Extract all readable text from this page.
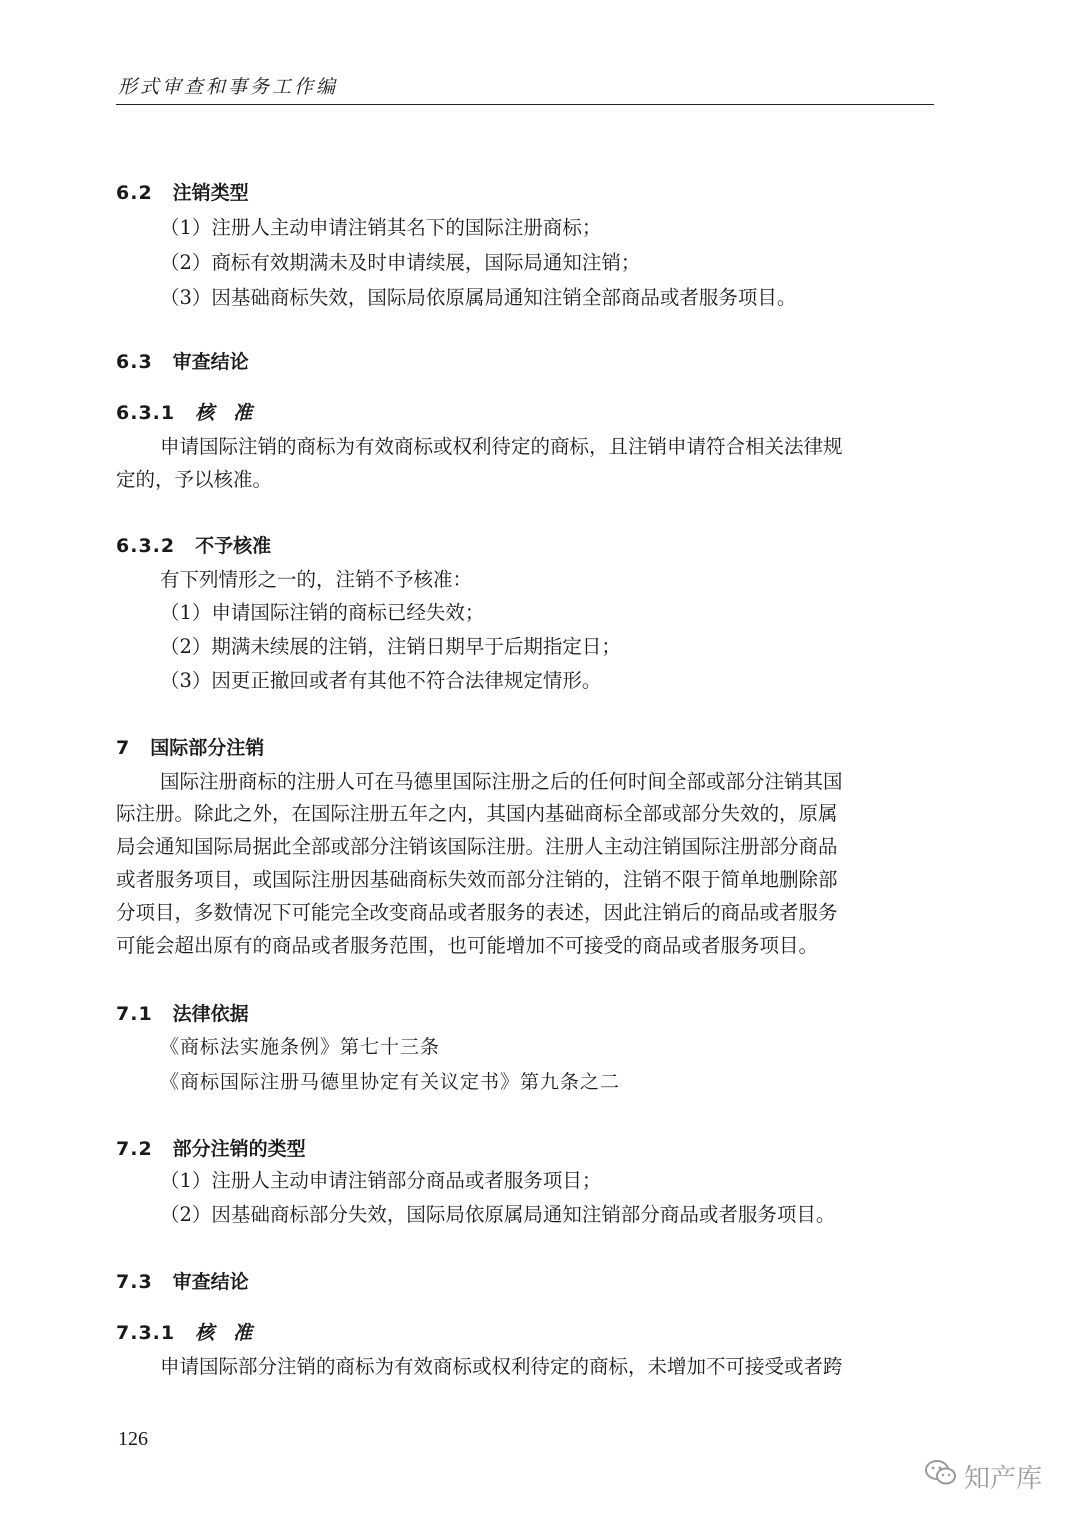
形式审查和事务工作编
6.2 注销类型
（1）注册人主动申请注销其名下的国际注册商标；
（2）商标有效期满未及时申请续展，国际局通知注销；
（3）因基础商标失效，国际局依原属局通知注销全部商品或者服务项目。
6.3 审查结论
6.3.1 核　准
申请国际注销的商标为有效商标或权利待定的商标，且注销申请符合相关法律规
定的，予以核准。
6.3.2 不予核准
有下列情形之一的，注销不予核准：
（1）申请国际注销的商标已经失效；
（2）期满未续展的注销，注销日期早于后期指定日；
（3）因更正撤回或者有其他不符合法律规定情形。
7 国际部分注销
国际注册商标的注册人可在马德里国际注册之后的任何时间全部或部分注销其国
际注册。除此之外，在国际注册五年之内，其国内基础商标全部或部分失效的，原属
局会通知国际局据此全部或部分注销该国际注册。注册人主动注销国际注册部分商品
或者服务项目，或国际注册因基础商标失效而部分注销的，注销不限于简单地删除部
分项目，多数情况下可能完全改变商品或者服务的表述，因此注销后的商品或者服务
可能会超出原有的商品或者服务范围，也可能增加不可接受的商品或者服务项目。
7.1 法律依据
《商标法实施条例》第七十三条
《商标国际注册马德里协定有关议定书》第九条之二
7.2 部分注销的类型
（1）注册人主动申请注销部分商品或者服务项目；
（2）因基础商标部分失效，国际局依原属局通知注销部分商品或者服务项目。
7.3 审查结论
7.3.1 核　准
申请国际部分注销的商标为有效商标或权利待定的商标，未增加不可接受或者跨
126
知产库
